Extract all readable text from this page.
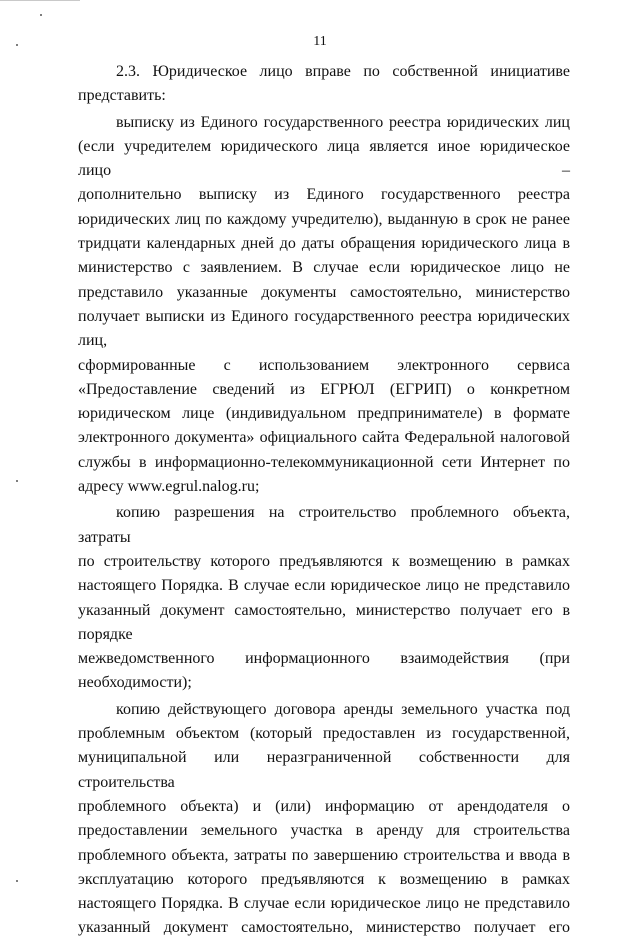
11
2.3. Юридическое лицо вправе по собственной инициативе
представить:
выписку из Единого государственного реестра юридических лиц
(если учредителем юридического лица является иное юридическое лицо –
дополнительно выписку из Единого государственного реестра
юридических лиц по каждому учредителю), выданную в срок не ранее
тридцати календарных дней до даты обращения юридического лица в
министерство с заявлением. В случае если юридическое лицо не
представило указанные документы самостоятельно, министерство
получает выписки из Единого государственного реестра юридических лиц,
сформированные с использованием электронного сервиса
«Предоставление сведений из ЕГРЮЛ (ЕГРИП) о конкретном
юридическом лице (индивидуальном предпринимателе) в формате
электронного документа» официального сайта Федеральной налоговой
службы в информационно-телекоммуникационной сети Интернет по
адресу www.egrul.nalog.ru;
копию разрешения на строительство проблемного объекта, затраты
по строительству которого предъявляются к возмещению в рамках
настоящего Порядка. В случае если юридическое лицо не представило
указанный документ самостоятельно, министерство получает его в порядке
межведомственного информационного взаимодействия (при
необходимости);
копию действующего договора аренды земельного участка под
проблемным объектом (который предоставлен из государственной,
муниципальной или неразграниченной собственности для строительства
проблемного объекта) и (или) информацию от арендодателя о
предоставлении земельного участка в аренду для строительства
проблемного объекта, затраты по завершению строительства и ввода в
эксплуатацию которого предъявляются к возмещению в рамках
настоящего Порядка. В случае если юридическое лицо не представило
указанный документ самостоятельно, министерство получает его
